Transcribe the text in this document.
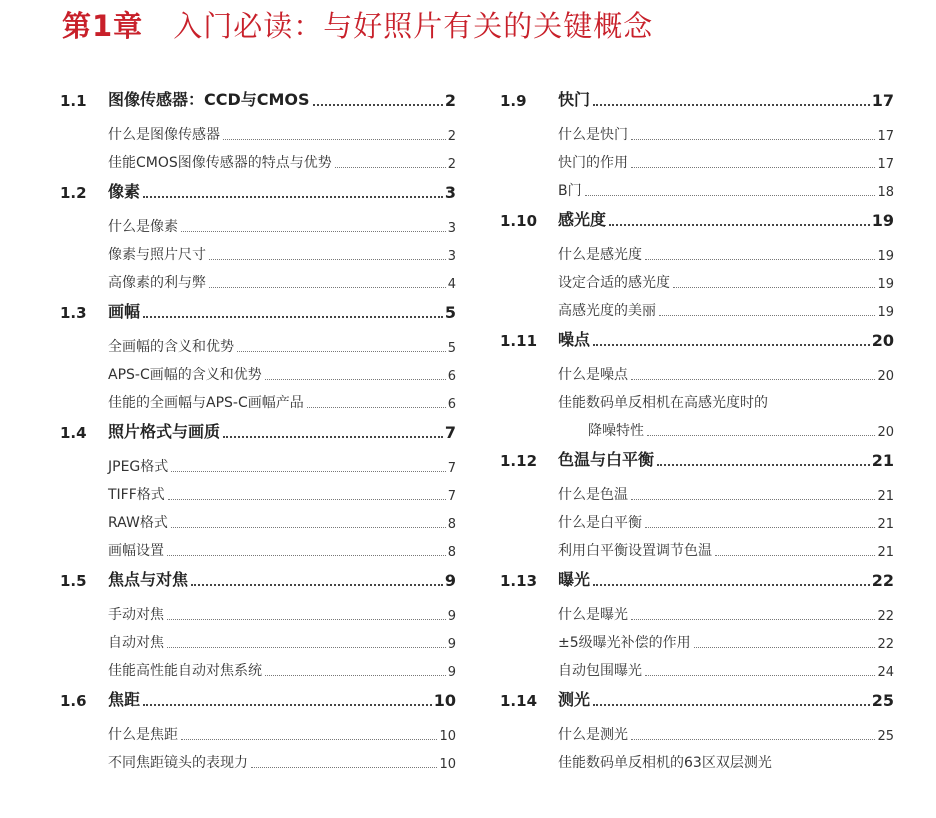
第1章 入门必读：与好照片有关的关键概念
1.1	图像传感器：CCD与CMOS	2
什么是图像传感器	2
佳能CMOS图像传感器的特点与优势	2
1.2	像素	3
什么是像素	3
像素与照片尺寸	3
高像素的利与弊	4
1.3	画幅	5
全画幅的含义和优势	5
APS-C画幅的含义和优势	6
佳能的全画幅与APS-C画幅产品	6
1.4	照片格式与画质	7
JPEG格式	7
TIFF格式	7
RAW格式	8
画幅设置	8
1.5	焦点与对焦	9
手动对焦	9
自动对焦	9
佳能高性能自动对焦系统	9
1.6	焦距	10
什么是焦距	10
不同焦距镜头的表现力	10
1.9	快门	17
什么是快门	17
快门的作用	17
B门	18
1.10	感光度	19
什么是感光度	19
设定合适的感光度	19
高感光度的美丽	19
1.11	噪点	20
什么是噪点	20
佳能数码单反相机在高感光度时的
降噪特性	20
1.12	色温与白平衡	21
什么是色温	21
什么是白平衡	21
利用白平衡设置调节色温	21
1.13	曝光	22
什么是曝光	22
±5级曝光补偿的作用	22
自动包围曝光	24
1.14	测光	25
什么是测光	25
佳能数码单反相机的63区双层测光
